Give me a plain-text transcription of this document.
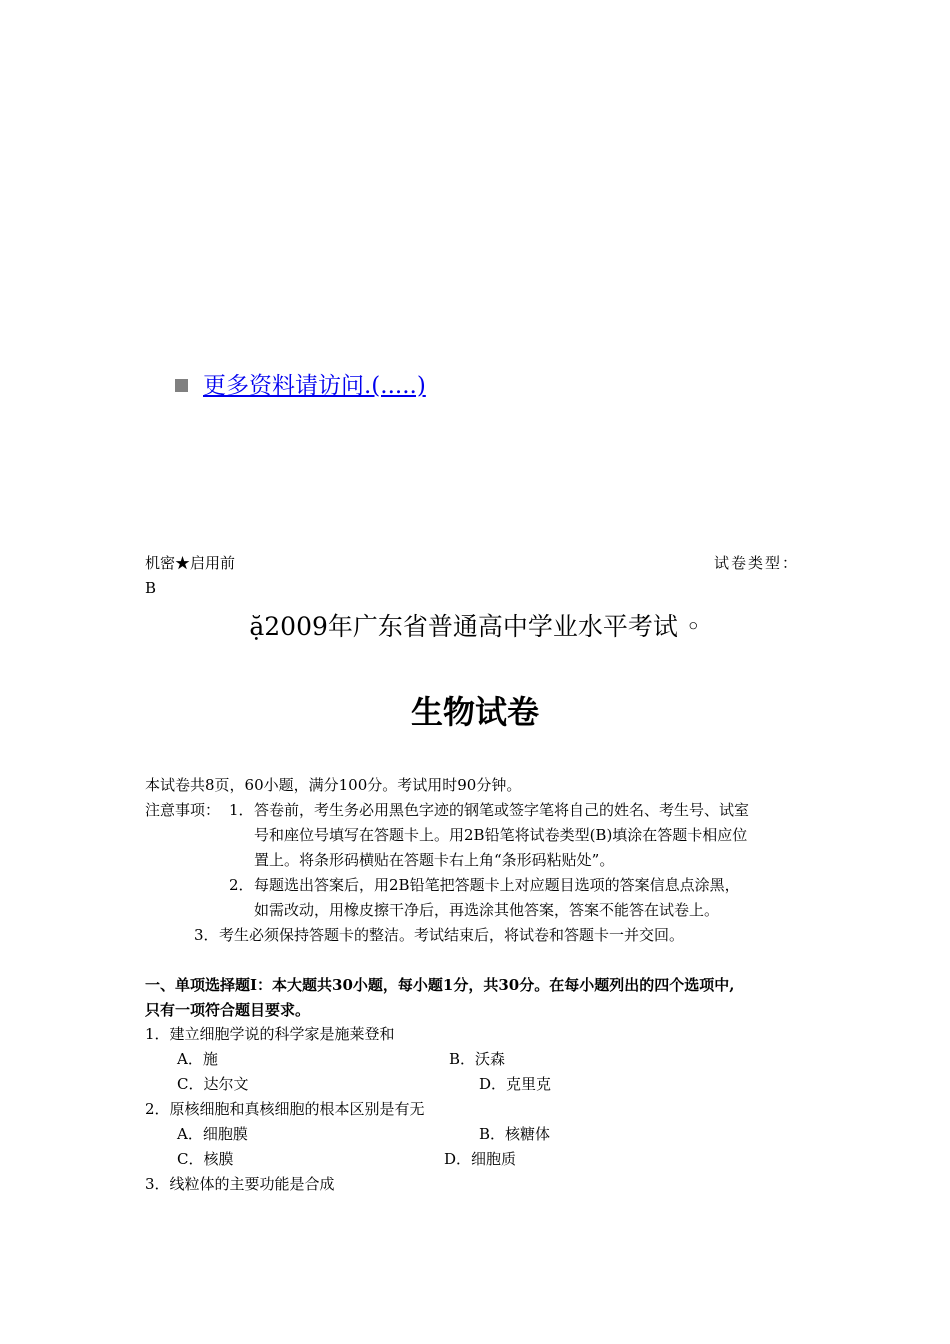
更多资料请访问.(.....)
机密★启用前	试卷类型：
B
ặ2009年广东省普通高中学业水平考试 ◦
生物试卷
本试卷共8页，60小题，满分100分。考试用时90分钟。
注意事项： 1． 答卷前，考生务必用黑色字迹的钢笔或签字笔将自己的姓名、考生号、试室
号和座位号填写在答题卡上。用2B铅笔将试卷类型(B)填涂在答题卡相应位
置上。将条形码横贴在答题卡右上角“条形码粘贴处”。
2． 每题选出答案后，用2B铅笔把答题卡上对应题目选项的答案信息点涂黑，
如需改动，用橡皮擦干净后，再选涂其他答案，答案不能答在试卷上。
3． 考生必须保持答题卡的整洁。考试结束后，将试卷和答题卡一并交回。
一、单项选择题I：本大题共30小题，每小题1分，共30分。在每小题列出的四个选项中,
只有一项符合题目要求。
1．建立细胞学说的科学家是施莱登和
A．施	B．沃森
C．达尔文	D．克里克
2．原核细胞和真核细胞的根本区别是有无
A．细胞膜	B．核糖体
C．核膜	D．细胞质
3．线粒体的主要功能是合成
